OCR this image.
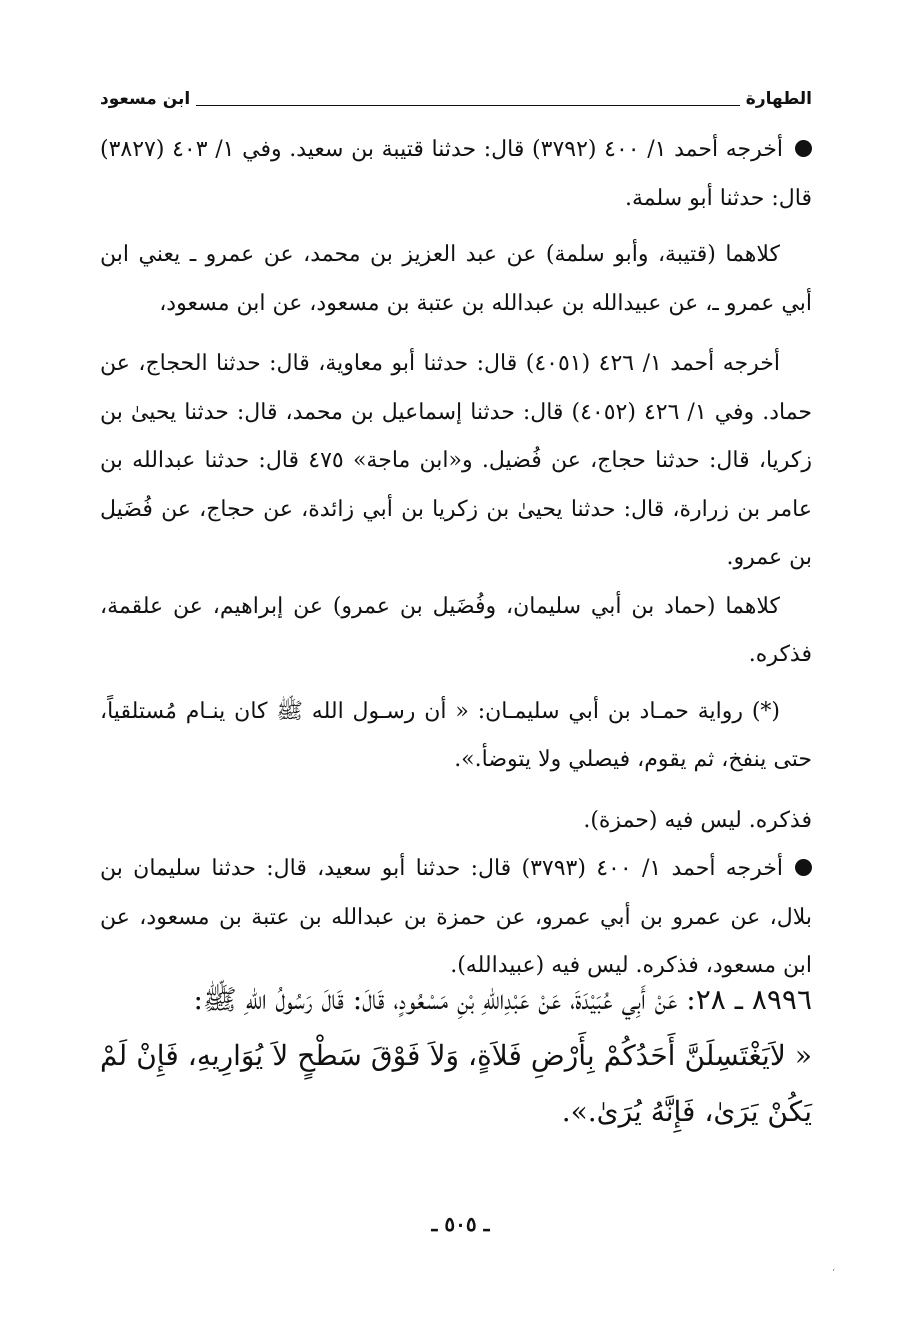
الطهارة
ابن مسعود

أخرجه أحمد ١/ ٤٠٠ (٣٧٩٢) قال: حدثنا قتيبة بن سعيد. وفي ١/ ٤٠٣ (٣٨٢٧) قال: حدثنا أبو سلمة.

كلاهما (قتيبة، وأبو سلمة) عن عبد العزيز بن محمد، عن عمرو ـ يعني ابن أبي عمرو ـ، عن عبيدالله بن عبدالله بن عتبة بن مسعود، عن ابن مسعود،

أخرجه أحمد ١/ ٤٢٦ (٤٠٥١) قال: حدثنا أبو معاوية، قال: حدثنا الحجاج، عن حماد. وفي ١/ ٤٢٦ (٤٠٥٢) قال: حدثنا إسماعيل بن محمد، قال: حدثنا يحيىٰ بن زكريا، قال: حدثنا حجاج، عن فُضيل. و«ابن ماجة» ٤٧٥ قال: حدثنا عبدالله بن عامر بن زرارة، قال: حدثنا يحيىٰ بن زكريا بن أبي زائدة، عن حجاج، عن فُضَيل بن عمرو.

كلاهما (حماد بن أبي سليمان، وفُضَيل بن عمرو) عن إبراهيم، عن علقمة، فذكره.

(*) رواية حمـاد بن أبي سليمـان: « أن رسـول الله ﷺ كان ينـام مُستلقياً، حتى ينفخ، ثم يقوم، فيصلي ولا يتوضأ.».

فذكره. ليس فيه (حمزة).

أخرجه أحمد ١/ ٤٠٠ (٣٧٩٣) قال: حدثنا أبو سعيد، قال: حدثنا سليمان بن بلال، عن عمرو بن أبي عمرو، عن حمزة بن عبدالله بن عتبة بن مسعود، عن ابن مسعود، فذكره. ليس فيه (عبيدالله).

٨٩٩٦ ـ ٢٨: عَنْ أَبِي عُبَيْدَةَ، عَنْ عَبْدِاللهِ بْنِ مَسْعُودٍ، قَالَ: قَالَ رَسُولُ اللهِ ﷺ:

« لاَيَغْتَسِلَنَّ أَحَدُكُمْ بِأَرْضِ فَلاَةٍ، وَلاَ فَوْقَ سَطْحٍ لاَ يُوَارِيهِ، فَإِنْ لَمْ يَكُنْ يَرَىٰ، فَإِنَّهُ يُرَىٰ.».

ـ ٥٠٥ ـ
‘
